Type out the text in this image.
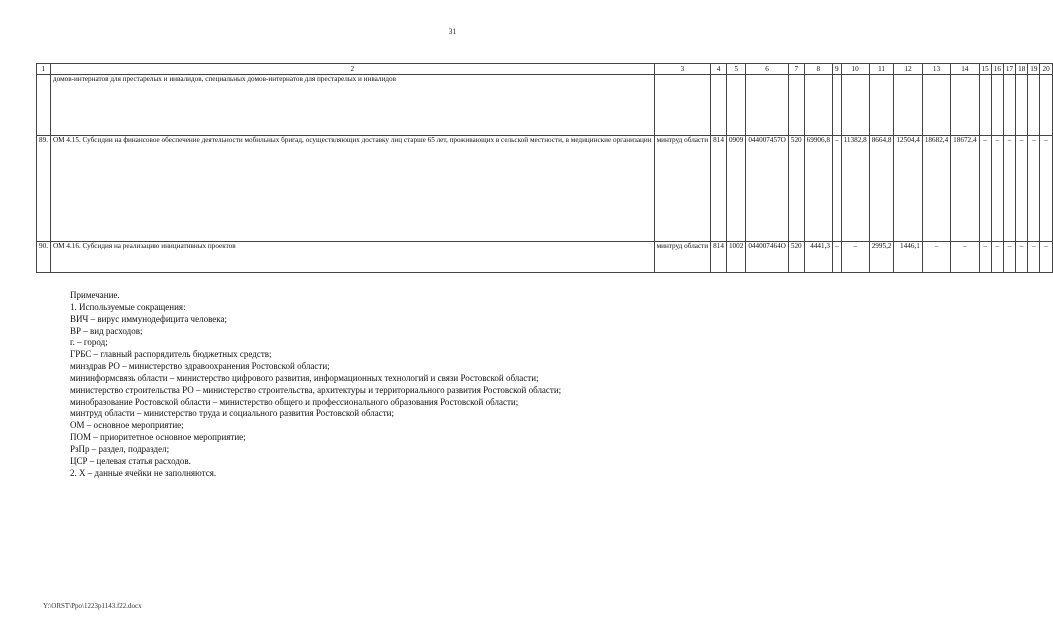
31
1	2	3	4	5	6	7	8	9	10	11	12	13	14	15	16	17	18	19	20
	домов-интернатов для престарелых и инвалидов, специальных домов-интернатов для престарелых и инвалидов																		
89.	ОМ 4.15. Субсидии на финансовое обеспечение деятельности мобильных бригад, осуществляющих доставку лиц старше 65 лет, проживающих в сельской местности, в медицинские организации	минтруд области	814	0909	044007457О	520	69906,8	–	11382,8	8664,8	12504,4	18682,4	18672,4	–	–	–	–	–	–
90.	ОМ 4.16. Субсидия на реализацию инициативных проектов	минтруд области	814	1002	044007464О	520	4441,3	–	–	2995,2	1446,1	–	–	–	–	–	–	–	–
Примечание.
1. Используемые сокращения:
ВИЧ – вирус иммунодефицита человека;
ВР – вид расходов;
г. – город;
ГРБС – главный распорядитель бюджетных средств;
минздрав РО – министерство здравоохранения Ростовской области;
мининформсвязь области – министерство цифрового развития, информационных технологий и связи Ростовской области;
министерство строительства РО – министерство строительства, архитектуры и территориального развития Ростовской области;
минобразование Ростовской области – министерство общего и профессионального образования Ростовской области;
минтруд области – министерство труда и социального развития Ростовской области;
ОМ – основное мероприятие;
ПОМ – приоритетное основное мероприятие;
РзПр – раздел, подраздел;
ЦСР – целевая статья расходов.
2. Х – данные ячейки не заполняются.
Y:\ORST\Ppo\1223p1143.f22.docx
